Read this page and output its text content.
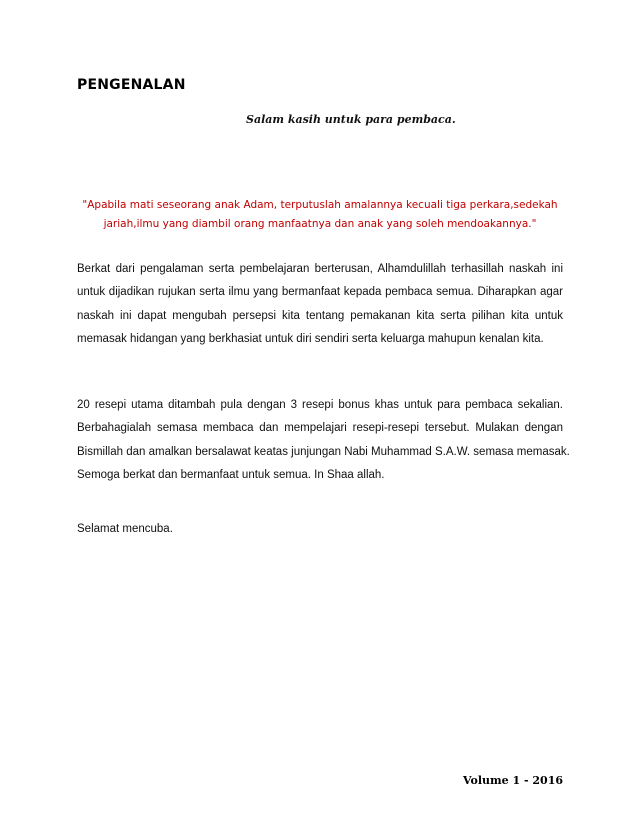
PENGENALAN
Salam kasih untuk para pembaca.
"Apabila mati seseorang anak Adam, terputuslah amalannya kecuali tiga perkara,sedekah
jariah,ilmu yang diambil orang manfaatnya dan anak yang soleh mendoakannya."
Berkat dari pengalaman serta pembelajaran berterusan, Alhamdulillah terhasillah naskah ini
untuk dijadikan rujukan serta ilmu yang bermanfaat kepada pembaca semua. Diharapkan agar
naskah ini dapat mengubah persepsi kita tentang pemakanan kita serta pilihan kita untuk
memasak hidangan yang berkhasiat untuk diri sendiri serta keluarga mahupun kenalan kita.
20 resepi utama ditambah pula dengan 3 resepi bonus khas untuk para pembaca sekalian.
Berbahagialah semasa membaca dan mempelajari resepi-resepi tersebut. Mulakan dengan
Bismillah dan amalkan bersalawat keatas junjungan Nabi Muhammad S.A.W. semasa memasak.
Semoga berkat dan bermanfaat untuk semua. In Shaa allah.
Selamat mencuba.
Volume 1 - 2016
